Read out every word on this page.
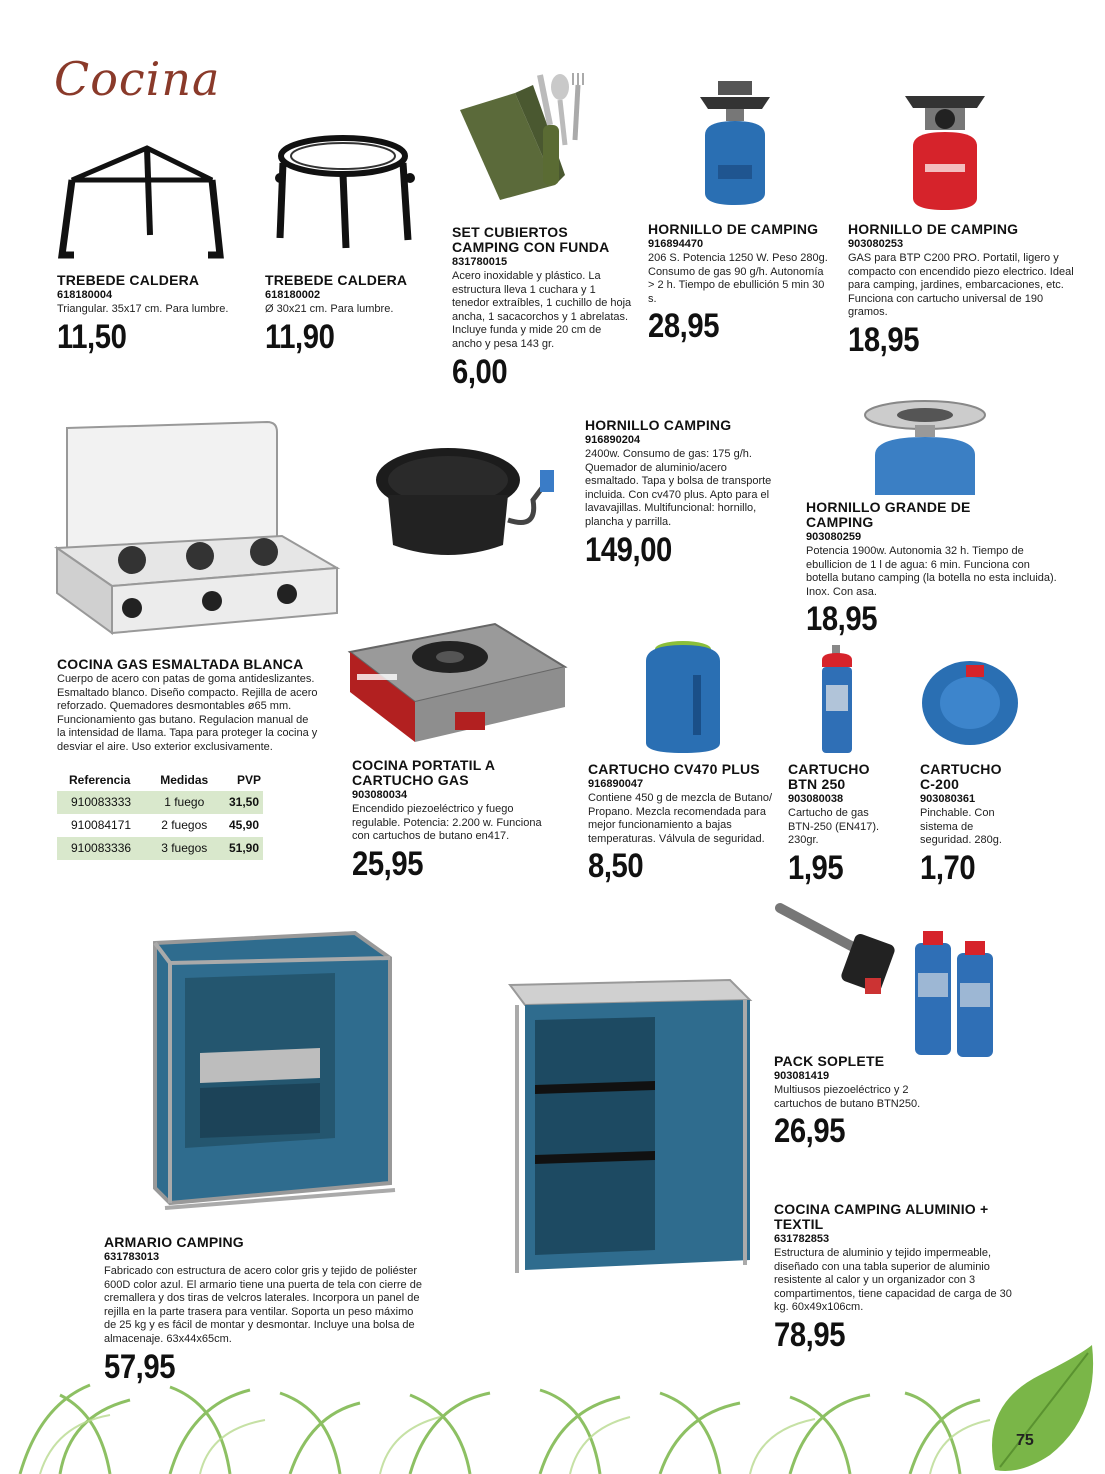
Cocina
TREBEDE CALDERA
618180004
Triangular. 35x17 cm. Para lumbre.
11,50
TREBEDE CALDERA
618180002
Ø 30x21 cm. Para lumbre.
11,90
SET CUBIERTOS CAMPING CON FUNDA
831780015
Acero inoxidable y plástico. La estructura lleva 1 cuchara y 1 tenedor extraíbles, 1 cuchillo de hoja ancha, 1 sacacorchos y 1 abrelatas. Incluye funda y mide 20 cm de ancho y pesa 143 gr.
6,00
HORNILLO DE CAMPING
916894470
206 S. Potencia 1250 W. Peso 280g. Consumo de gas 90 g/h. Autonomía > 2 h. Tiempo de ebullición 5 min 30 s.
28,95
HORNILLO DE CAMPING
903080253
GAS para BTP C200 PRO. Portatil, ligero y compacto con encendido piezo electrico. Ideal para camping, jardines, embarcaciones, etc. Funciona con cartucho universal de 190 gramos.
18,95
HORNILLO CAMPING
916890204
2400w. Consumo de gas: 175 g/h. Quemador de aluminio/acero esmaltado. Tapa y bolsa de transporte incluida. Con cv470 plus. Apto para el lavavajillas. Multifuncional: hornillo, plancha y parrilla.
149,00
HORNILLO GRANDE DE CAMPING
903080259
Potencia 1900w. Autonomia 32 h. Tiempo de ebullicion de 1 l de agua: 6 min. Funciona con botella butano camping (la botella no esta incluida). Inox. Con asa.
18,95
COCINA GAS ESMALTADA BLANCA
Cuerpo de acero con patas de goma antideslizantes. Esmaltado blanco. Diseño compacto. Rejilla de acero reforzado. Quemadores desmontables ø65 mm. Funcionamiento gas butano. Regulacion manual de la intensidad de llama. Tapa para proteger la cocina y desviar el aire. Uso exterior exclusivamente.
Referencia	Medidas	PVP
910083333	1 fuego	31,50
910084171	2 fuegos	45,90
910083336	3 fuegos	51,90
COCINA PORTATIL A CARTUCHO GAS
903080034
Encendido piezoeléctrico y fuego regulable. Potencia: 2.200 w. Funciona con cartuchos de butano en417.
25,95
CARTUCHO CV470 PLUS
916890047
Contiene 450 g de mezcla de Butano/ Propano. Mezcla recomendada para mejor funcionamiento a bajas temperaturas. Válvula de seguridad.
8,50
CARTUCHO BTN 250
903080038
Cartucho de gas BTN-250 (EN417). 230gr.
1,95
CARTUCHO C-200
903080361
Pinchable. Con sistema de seguridad. 280g.
1,70
PACK SOPLETE
903081419
Multiusos piezoeléctrico y 2 cartuchos de butano BTN250.
26,95
ARMARIO CAMPING
631783013
Fabricado con estructura de acero color gris y tejido de poliéster 600D color azul. El armario tiene una puerta de tela con cierre de cremallera y dos tiras de velcros laterales. Incorpora un panel de rejilla en la parte trasera para ventilar. Soporta un peso máximo de 25 kg y es fácil de montar y desmontar. Incluye una bolsa de almacenaje. 63x44x65cm.
57,95
COCINA CAMPING ALUMINIO + TEXTIL
631782853
Estructura de aluminio y tejido impermeable, diseñado con una tabla superior de aluminio resistente al calor y un organizador con 3 compartimentos, tiene capacidad de carga de 30 kg. 60x49x106cm.
78,95
75
